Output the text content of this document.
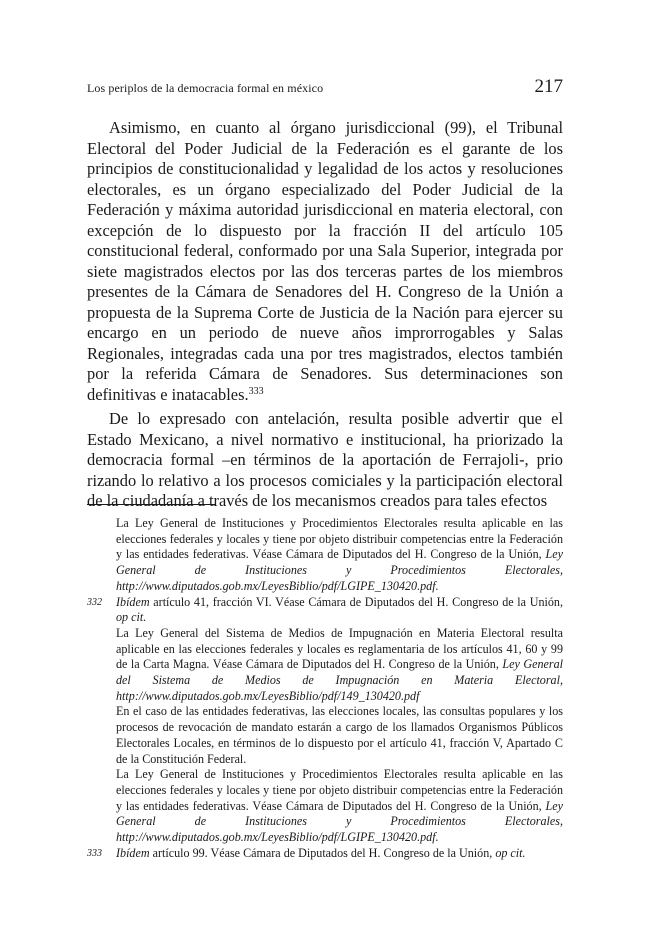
Los periplos de la democracia formal en méxico	217

Asimismo, en cuanto al órgano jurisdiccional (99), el Tribunal Electoral del Poder Judicial de la Federación es el garante de los principios de constitucionalidad y legalidad de los actos y resoluciones electorales, es un órgano especializado del Poder Judicial de la Federación y máxima autoridad jurisdiccional en materia electoral, con excepción de lo dispuesto por la fracción II del artículo 105 constitucional federal, conformado por una Sala Superior, integrada por siete magistrados electos por las dos terceras partes de los miembros presentes de la Cámara de Senadores del H. Congreso de la Unión a propuesta de la Suprema Corte de Justicia de la Nación para ejercer su encargo en un periodo de nueve años improrrogables y Salas Regionales, integradas cada una por tres magistrados, electos también por la referida Cámara de Senadores. Sus determinaciones son definitivas e inatacables.$^{333}$

De lo expresado con antelación, resulta posible advertir que el Estado Mexicano, a nivel normativo e institucional, ha priorizado la democracia formal –en términos de la aportación de Ferrajoli-, prio rizando lo relativo a los procesos comiciales y la participación electoral de la ciudadanía a través de los mecanismos creados para tales efectos

La Ley General de Instituciones y Procedimientos Electorales resulta aplicable en las elecciones federales y locales y tiene por objeto distribuir competencias entre la Federación y las entidades federativas. Véase Cámara de Diputados del H. Congreso de la Unión, Ley General de Instituciones y Procedimientos Electorales, http://www.diputados.gob.mx/LeyesBiblio/pdf/LGIPE_130420.pdf.

332 Ibídem artículo 41, fracción VI. Véase Cámara de Diputados del H. Congreso de la Unión, op cit.

La Ley General del Sistema de Medios de Impugnación en Materia Electoral resulta aplicable en las elecciones federales y locales es reglamentaria de los artículos 41, 60 y 99 de la Carta Magna. Véase Cámara de Diputados del H. Congreso de la Unión, Ley General del Sistema de Medios de Impugnación en Materia Electoral, http://www.diputados.gob.mx/LeyesBiblio/pdf/149_130420.pdf

En el caso de las entidades federativas, las elecciones locales, las consultas populares y los procesos de revocación de mandato estarán a cargo de los llamados Organismos Públicos Electorales Locales, en términos de lo dispuesto por el artículo 41, fracción V, Apartado C de la Constitución Federal.

La Ley General de Instituciones y Procedimientos Electorales resulta aplicable en las elecciones federales y locales y tiene por objeto distribuir competencias entre la Federación y las entidades federativas. Véase Cámara de Diputados del H. Congreso de la Unión, Ley General de Instituciones y Procedimientos Electorales, http://www.diputados.gob.mx/LeyesBiblio/pdf/LGIPE_130420.pdf.

333 Ibídem artículo 99. Véase Cámara de Diputados del H. Congreso de la Unión, op cit.
